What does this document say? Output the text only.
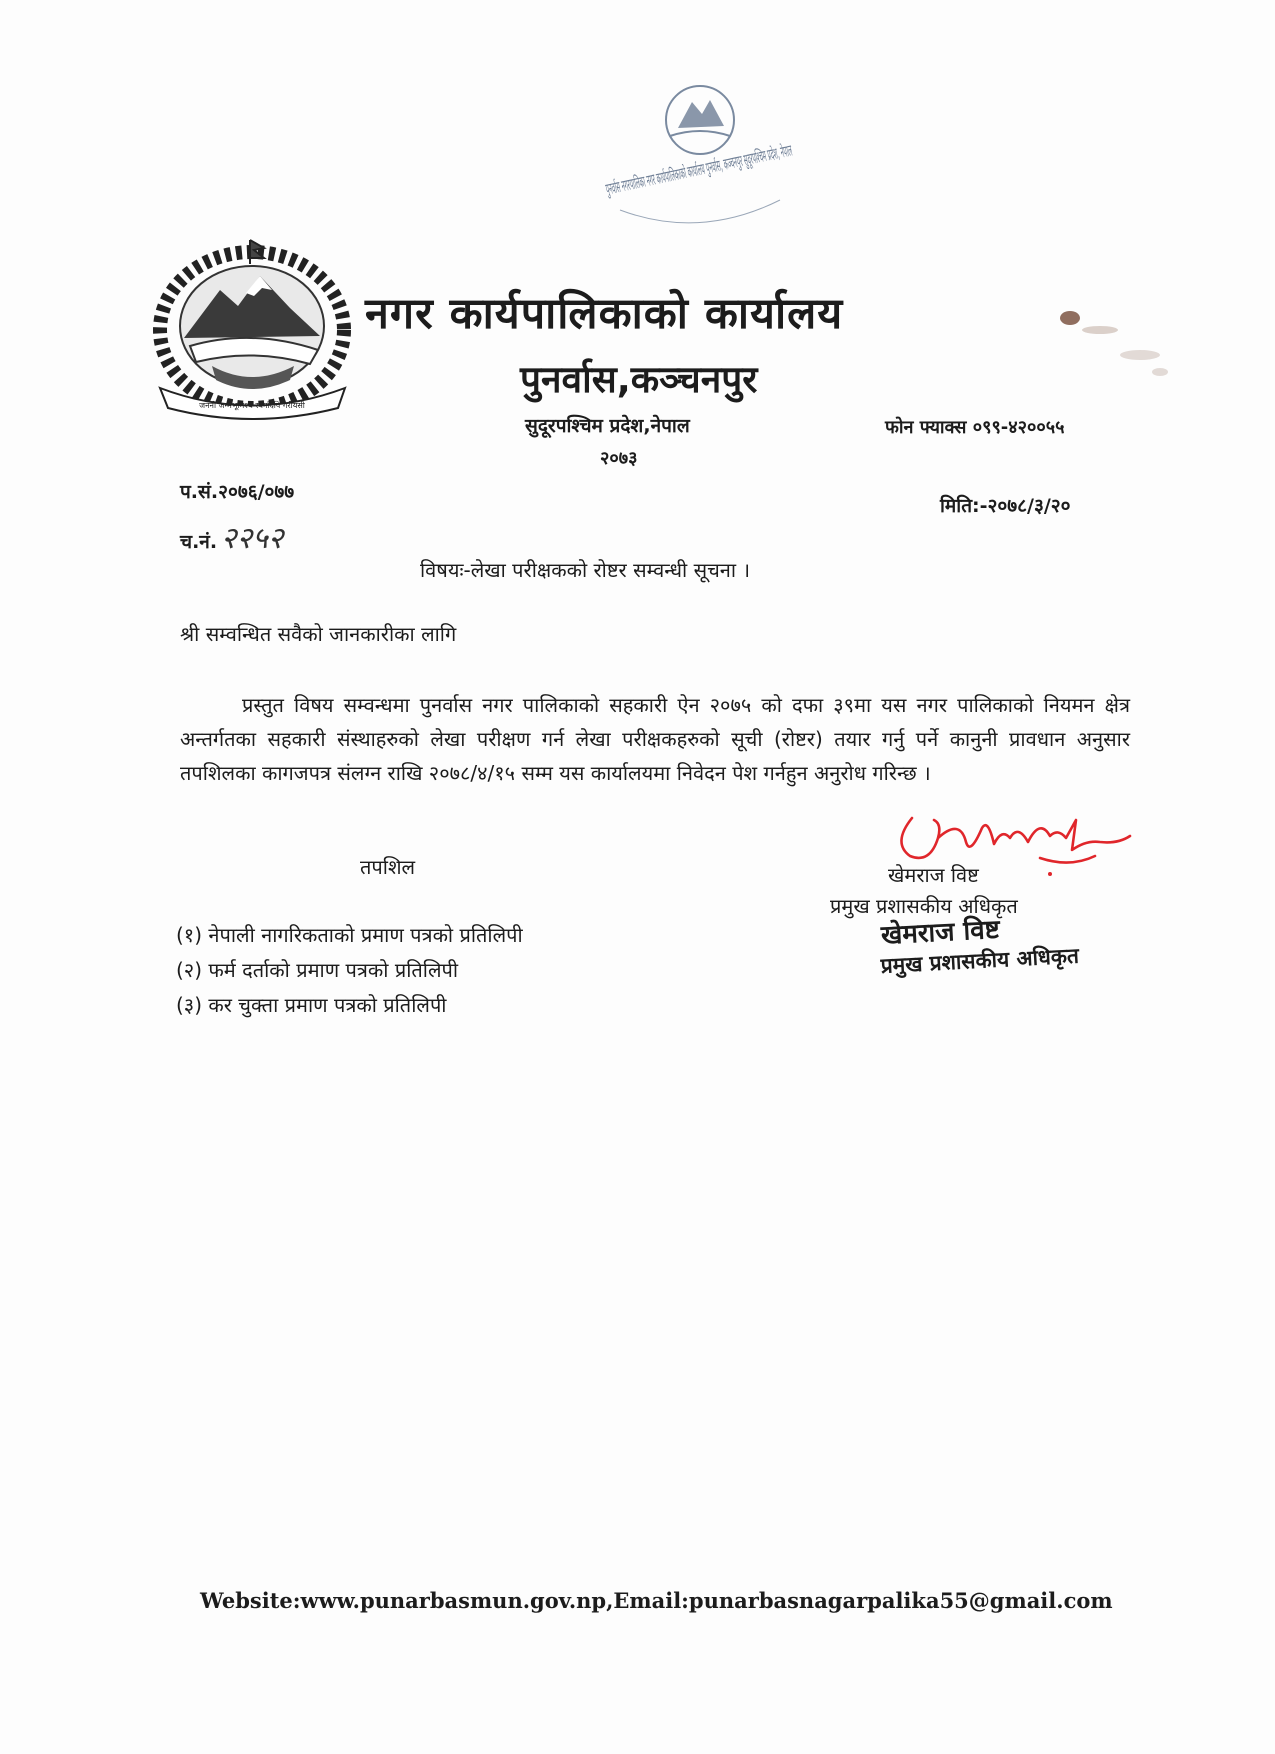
जननी जन्मभूमिश्च स्वर्गादपि गरीयसी
पुनर्वास नगरपालिका नगर कार्यपालिकाको कार्यालय पुनर्वास, कञ्चनपुर सुदूरपश्चिम प्रदेश, नेपाल
नगर कार्यपालिकाको कार्यालय
पुनर्वास,कञ्चनपुर
सुदूरपश्चिम प्रदेश,नेपाल
२०७३
फोन फ्याक्स ०९९-४२००५५
प.सं.२०७६/०७७
च.नं. २२५२
मिति:-२०७८/३/२०
विषयः-लेखा परीक्षकको रोष्टर सम्वन्धी सूचना ।
श्री सम्वन्धित सवैको जानकारीका लागि
प्रस्तुत विषय सम्वन्धमा पुनर्वास नगर पालिकाको सहकारी ऐन २०७५ को दफा ३९मा यस नगर पालिकाको नियमन क्षेत्र अन्तर्गतका सहकारी संस्थाहरुको लेखा परीक्षण गर्न लेखा परीक्षकहरुको सूची (रोष्टर) तयार गर्नु पर्ने कानुनी प्रावधान अनुसार तपशिलका कागजपत्र संलग्न राखि २०७८/४/१५ सम्म यस कार्यालयमा निवेदन पेश गर्नहुन अनुरोध गरिन्छ ।
तपशिल	खेमराज विष्ट
प्रमुख प्रशासकीय अधिकृत
खेमराज विष्ट
प्रमुख प्रशासकीय अधिकृत
(१) नेपाली नागरिकताको प्रमाण पत्रको प्रतिलिपी
(२) फर्म दर्ताको प्रमाण पत्रको प्रतिलिपी
(३) कर चुक्ता प्रमाण पत्रको प्रतिलिपी
Website:www.punarbasmun.gov.np,Email:punarbasnagarpalika55@gmail.com
